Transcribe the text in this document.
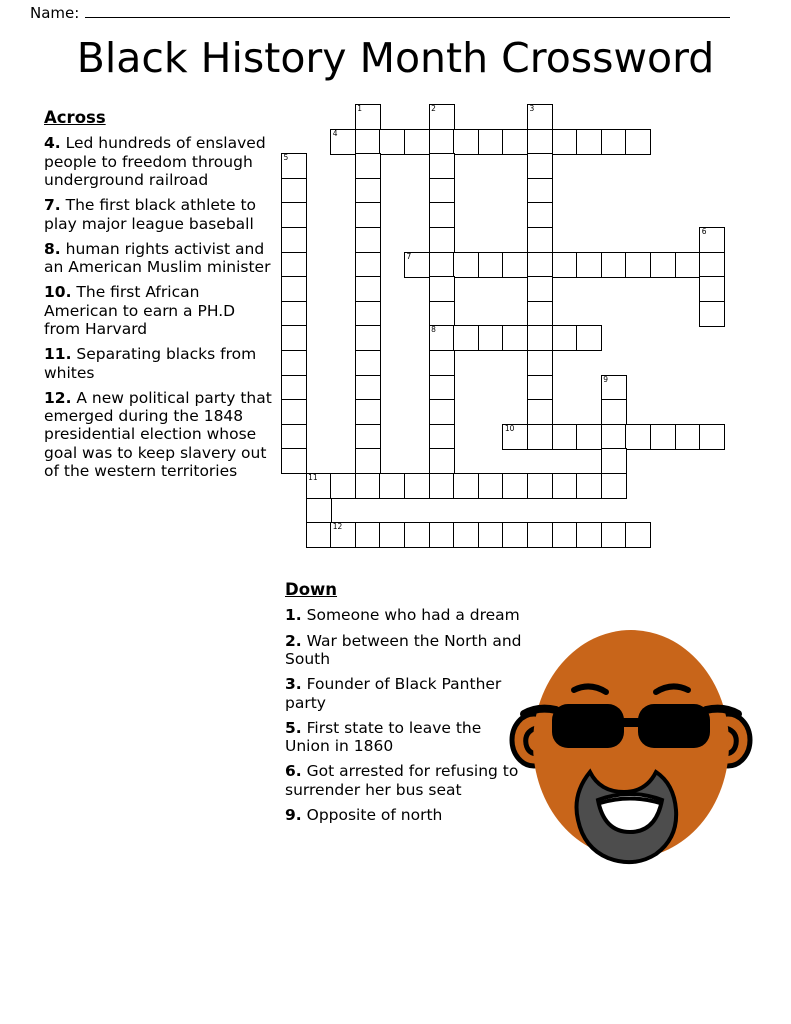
Name:
Black History Month Crossword
Across
4. Led hundreds of enslaved people to freedom through underground railroad
7. The first black athlete to play major league baseball
8. human rights activist and an American Muslim minister
10. The first African American to earn a PH.D from Harvard
11. Separating blacks from whites
12. A new political party that emerged during the 1848 presidential election whose goal was to keep slavery out of the western territories
Down
1. Someone who had a dream
2. War between the North and South
3. Founder of Black Panther party
5. First state to leave the Union in 1860
6. Got arrested for refusing to surrender her bus seat
9. Opposite of north
1	2	3
4
5
6
7
8
9
10
11
12
